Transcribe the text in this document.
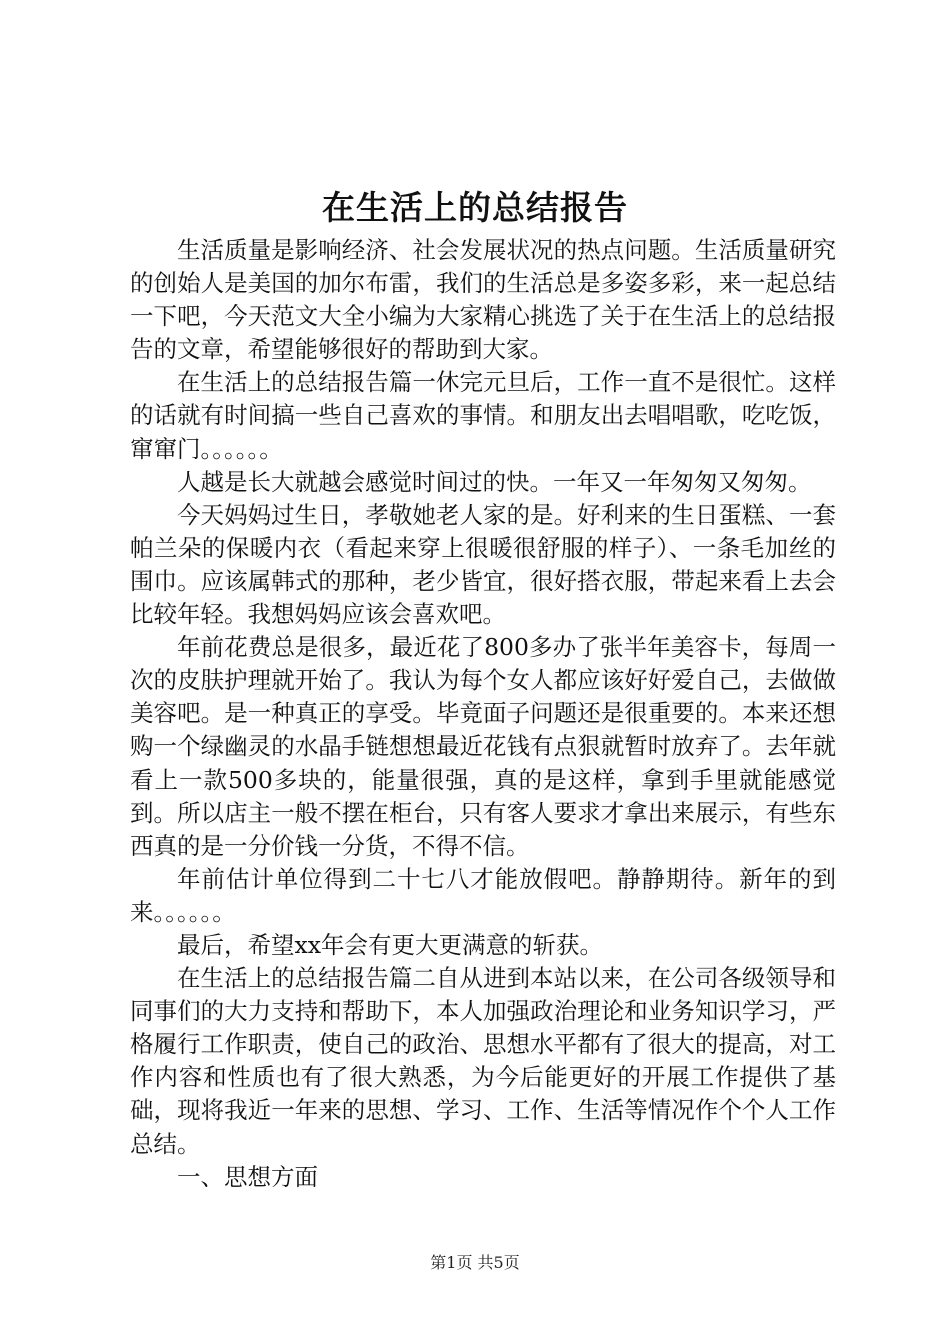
在生活上的总结报告

生活质量是影响经济、社会发展状况的热点问题。生活质量研究的创始人是美国的加尔布雷，我们的生活总是多姿多彩，来一起总结一下吧，今天范文大全小编为大家精心挑选了关于在生活上的总结报告的文章，希望能够很好的帮助到大家。

在生活上的总结报告篇一休完元旦后，工作一直不是很忙。这样的话就有时间搞一些自己喜欢的事情。和朋友出去唱唱歌，吃吃饭，窜窜门。。。。。。

人越是长大就越会感觉时间过的快。一年又一年匆匆又匆匆。

今天妈妈过生日，孝敬她老人家的是。好利来的生日蛋糕、一套帕兰朵的保暖内衣（看起来穿上很暖很舒服的样子）、一条毛加丝的围巾。应该属韩式的那种，老少皆宜，很好搭衣服，带起来看上去会比较年轻。我想妈妈应该会喜欢吧。

年前花费总是很多，最近花了800多办了张半年美容卡，每周一次的皮肤护理就开始了。我认为每个女人都应该好好爱自己，去做做美容吧。是一种真正的享受。毕竟面子问题还是很重要的。本来还想购一个绿幽灵的水晶手链想想最近花钱有点狠就暂时放弃了。去年就看上一款500多块的，能量很强，真的是这样，拿到手里就能感觉到。所以店主一般不摆在柜台，只有客人要求才拿出来展示，有些东西真的是一分价钱一分货，不得不信。

年前估计单位得到二十七八才能放假吧。静静期待。新年的到来。。。。。。

最后，希望xx年会有更大更满意的斩获。

在生活上的总结报告篇二自从进到本站以来，在公司各级领导和同事们的大力支持和帮助下，本人加强政治理论和业务知识学习，严格履行工作职责，使自己的政治、思想水平都有了很大的提高，对工作内容和性质也有了很大熟悉，为今后能更好的开展工作提供了基础，现将我近一年来的思想、学习、工作、生活等情况作个个人工作总结。

一、思想方面

第1页 共5页
